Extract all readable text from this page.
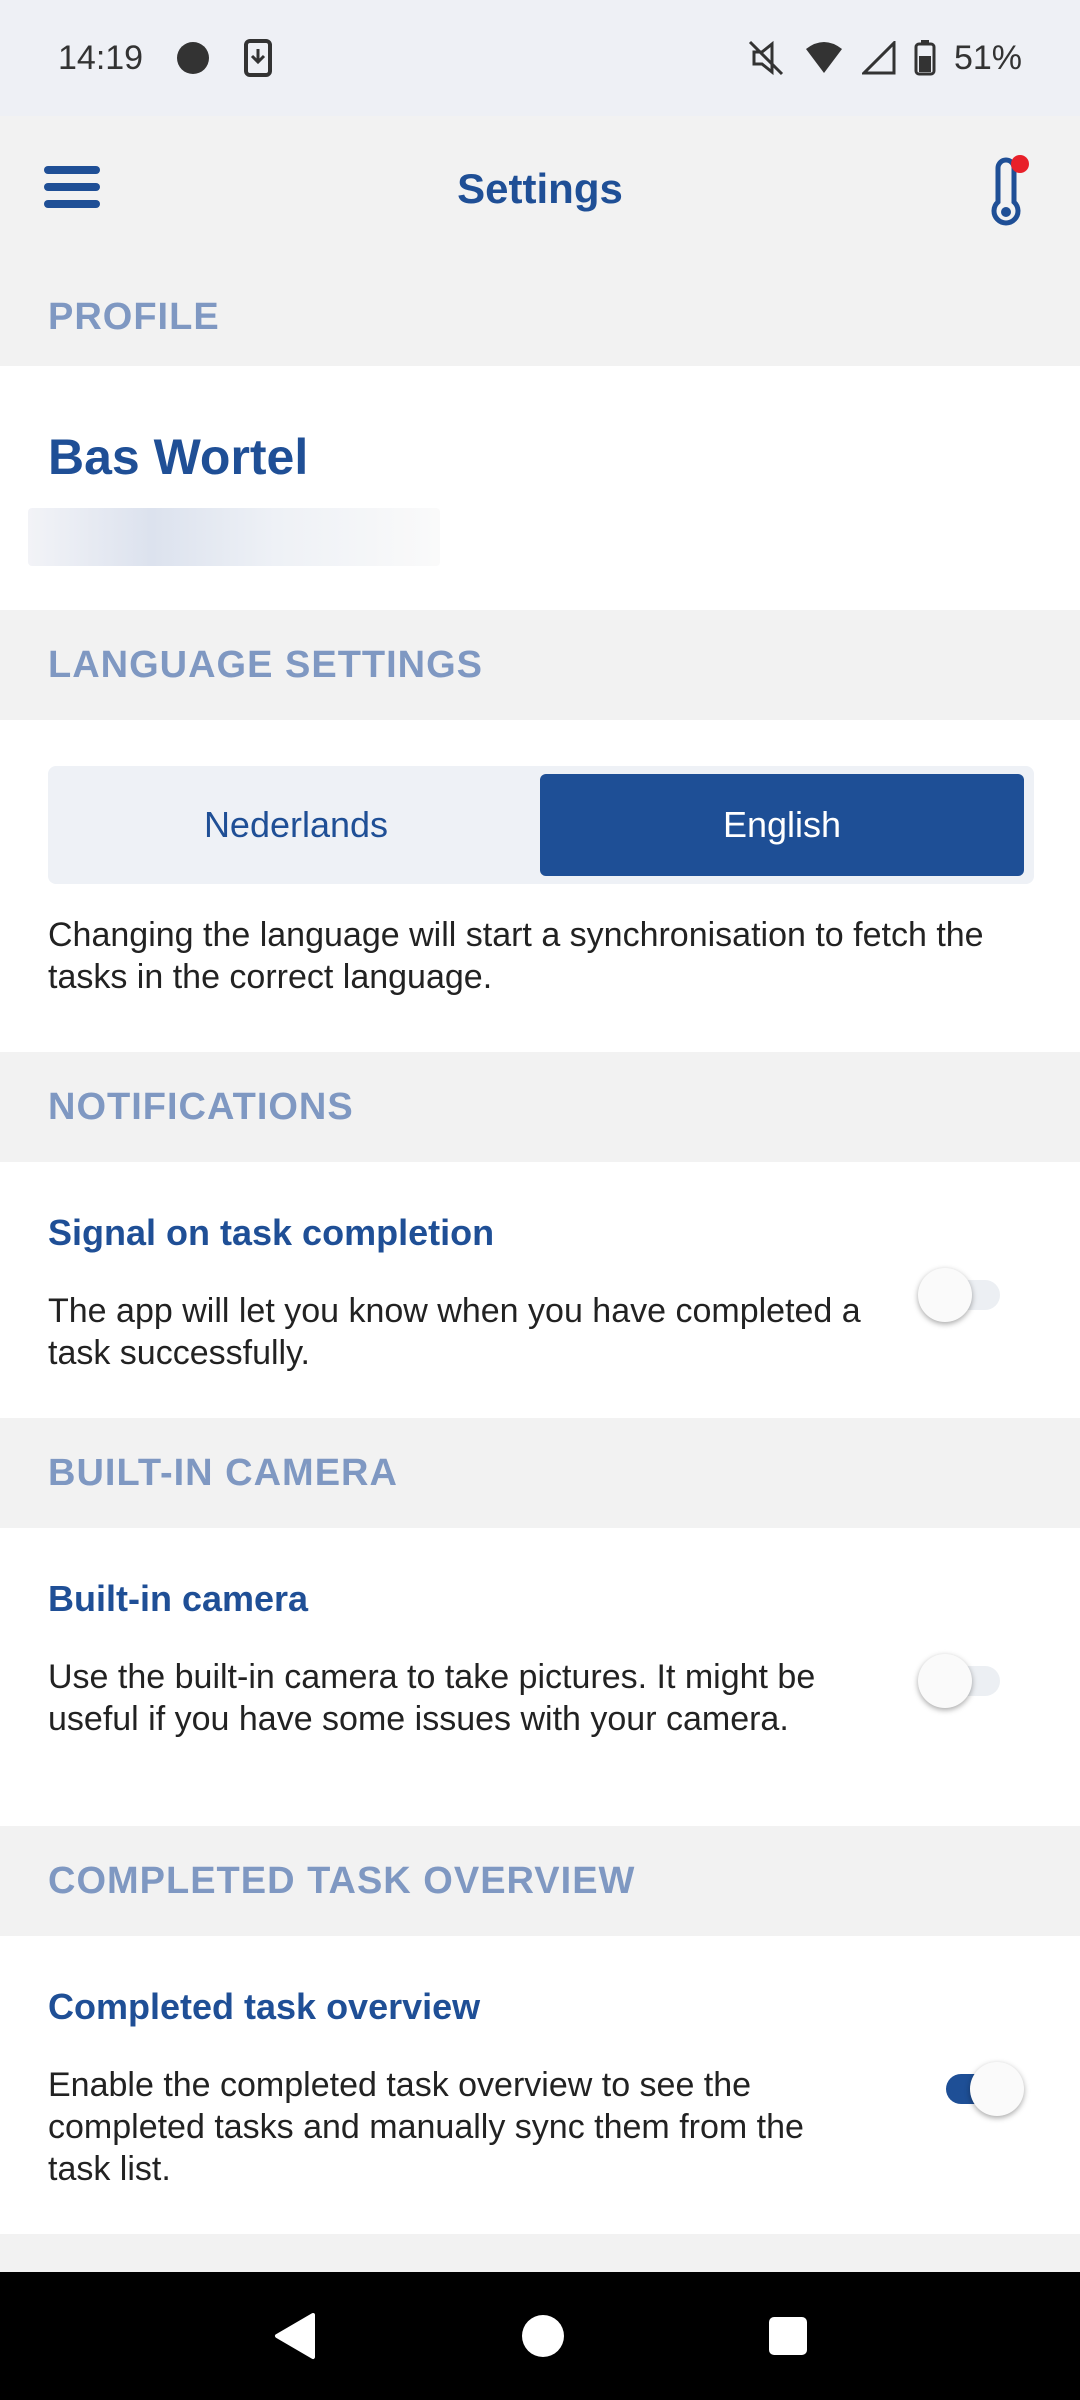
14:19	51%
Settings
PROFILE
Bas Wortel
LANGUAGE SETTINGS
Nederlands	English
Changing the language will start a synchronisation to fetch the tasks in the correct language.
NOTIFICATIONS
Signal on task completion
The app will let you know when you have completed a task successfully.
BUILT-IN CAMERA
Built-in camera
Use the built-in camera to take pictures. It might be useful if you have some issues with your camera.
COMPLETED TASK OVERVIEW
Completed task overview
Enable the completed task overview to see the completed tasks and manually sync them from the task list.
